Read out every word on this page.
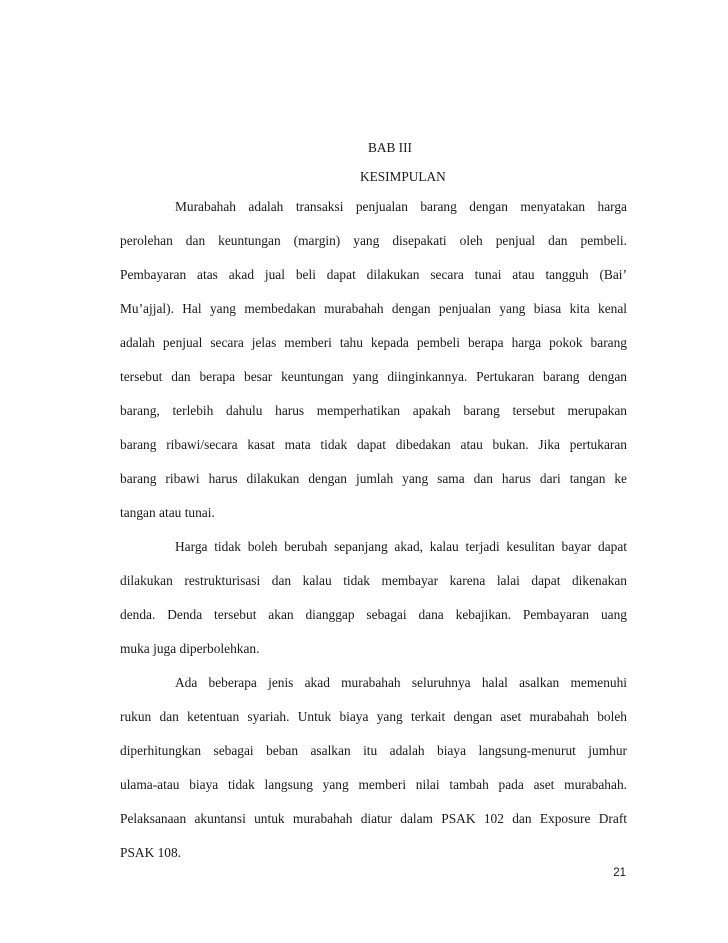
BAB III
KESIMPULAN
Murabahah adalah transaksi penjualan barang dengan menyatakan harga
perolehan dan keuntungan (margin) yang disepakati oleh penjual dan pembeli.
Pembayaran atas akad jual beli dapat dilakukan secara tunai atau tangguh (Bai’
Mu’ajjal). Hal yang membedakan murabahah dengan penjualan yang biasa kita kenal
adalah penjual secara jelas memberi tahu kepada pembeli berapa harga pokok barang
tersebut dan berapa besar keuntungan yang diinginkannya. Pertukaran barang dengan
barang, terlebih dahulu harus memperhatikan apakah barang tersebut merupakan
barang ribawi/secara kasat mata tidak dapat dibedakan atau bukan. Jika pertukaran
barang ribawi harus dilakukan dengan jumlah yang sama dan harus dari tangan ke
tangan atau tunai.
Harga tidak boleh berubah sepanjang akad, kalau terjadi kesulitan bayar dapat
dilakukan restrukturisasi dan kalau tidak membayar karena lalai dapat dikenakan
denda. Denda tersebut akan dianggap sebagai dana kebajikan. Pembayaran uang
muka juga diperbolehkan.
Ada beberapa jenis akad murabahah seluruhnya halal asalkan memenuhi
rukun dan ketentuan syariah. Untuk biaya yang terkait dengan aset murabahah boleh
diperhitungkan sebagai beban asalkan itu adalah biaya langsung-menurut jumhur
ulama-atau biaya tidak langsung yang memberi nilai tambah pada aset murabahah.
Pelaksanaan akuntansi untuk murabahah diatur dalam PSAK 102 dan Exposure Draft
PSAK 108.
21
